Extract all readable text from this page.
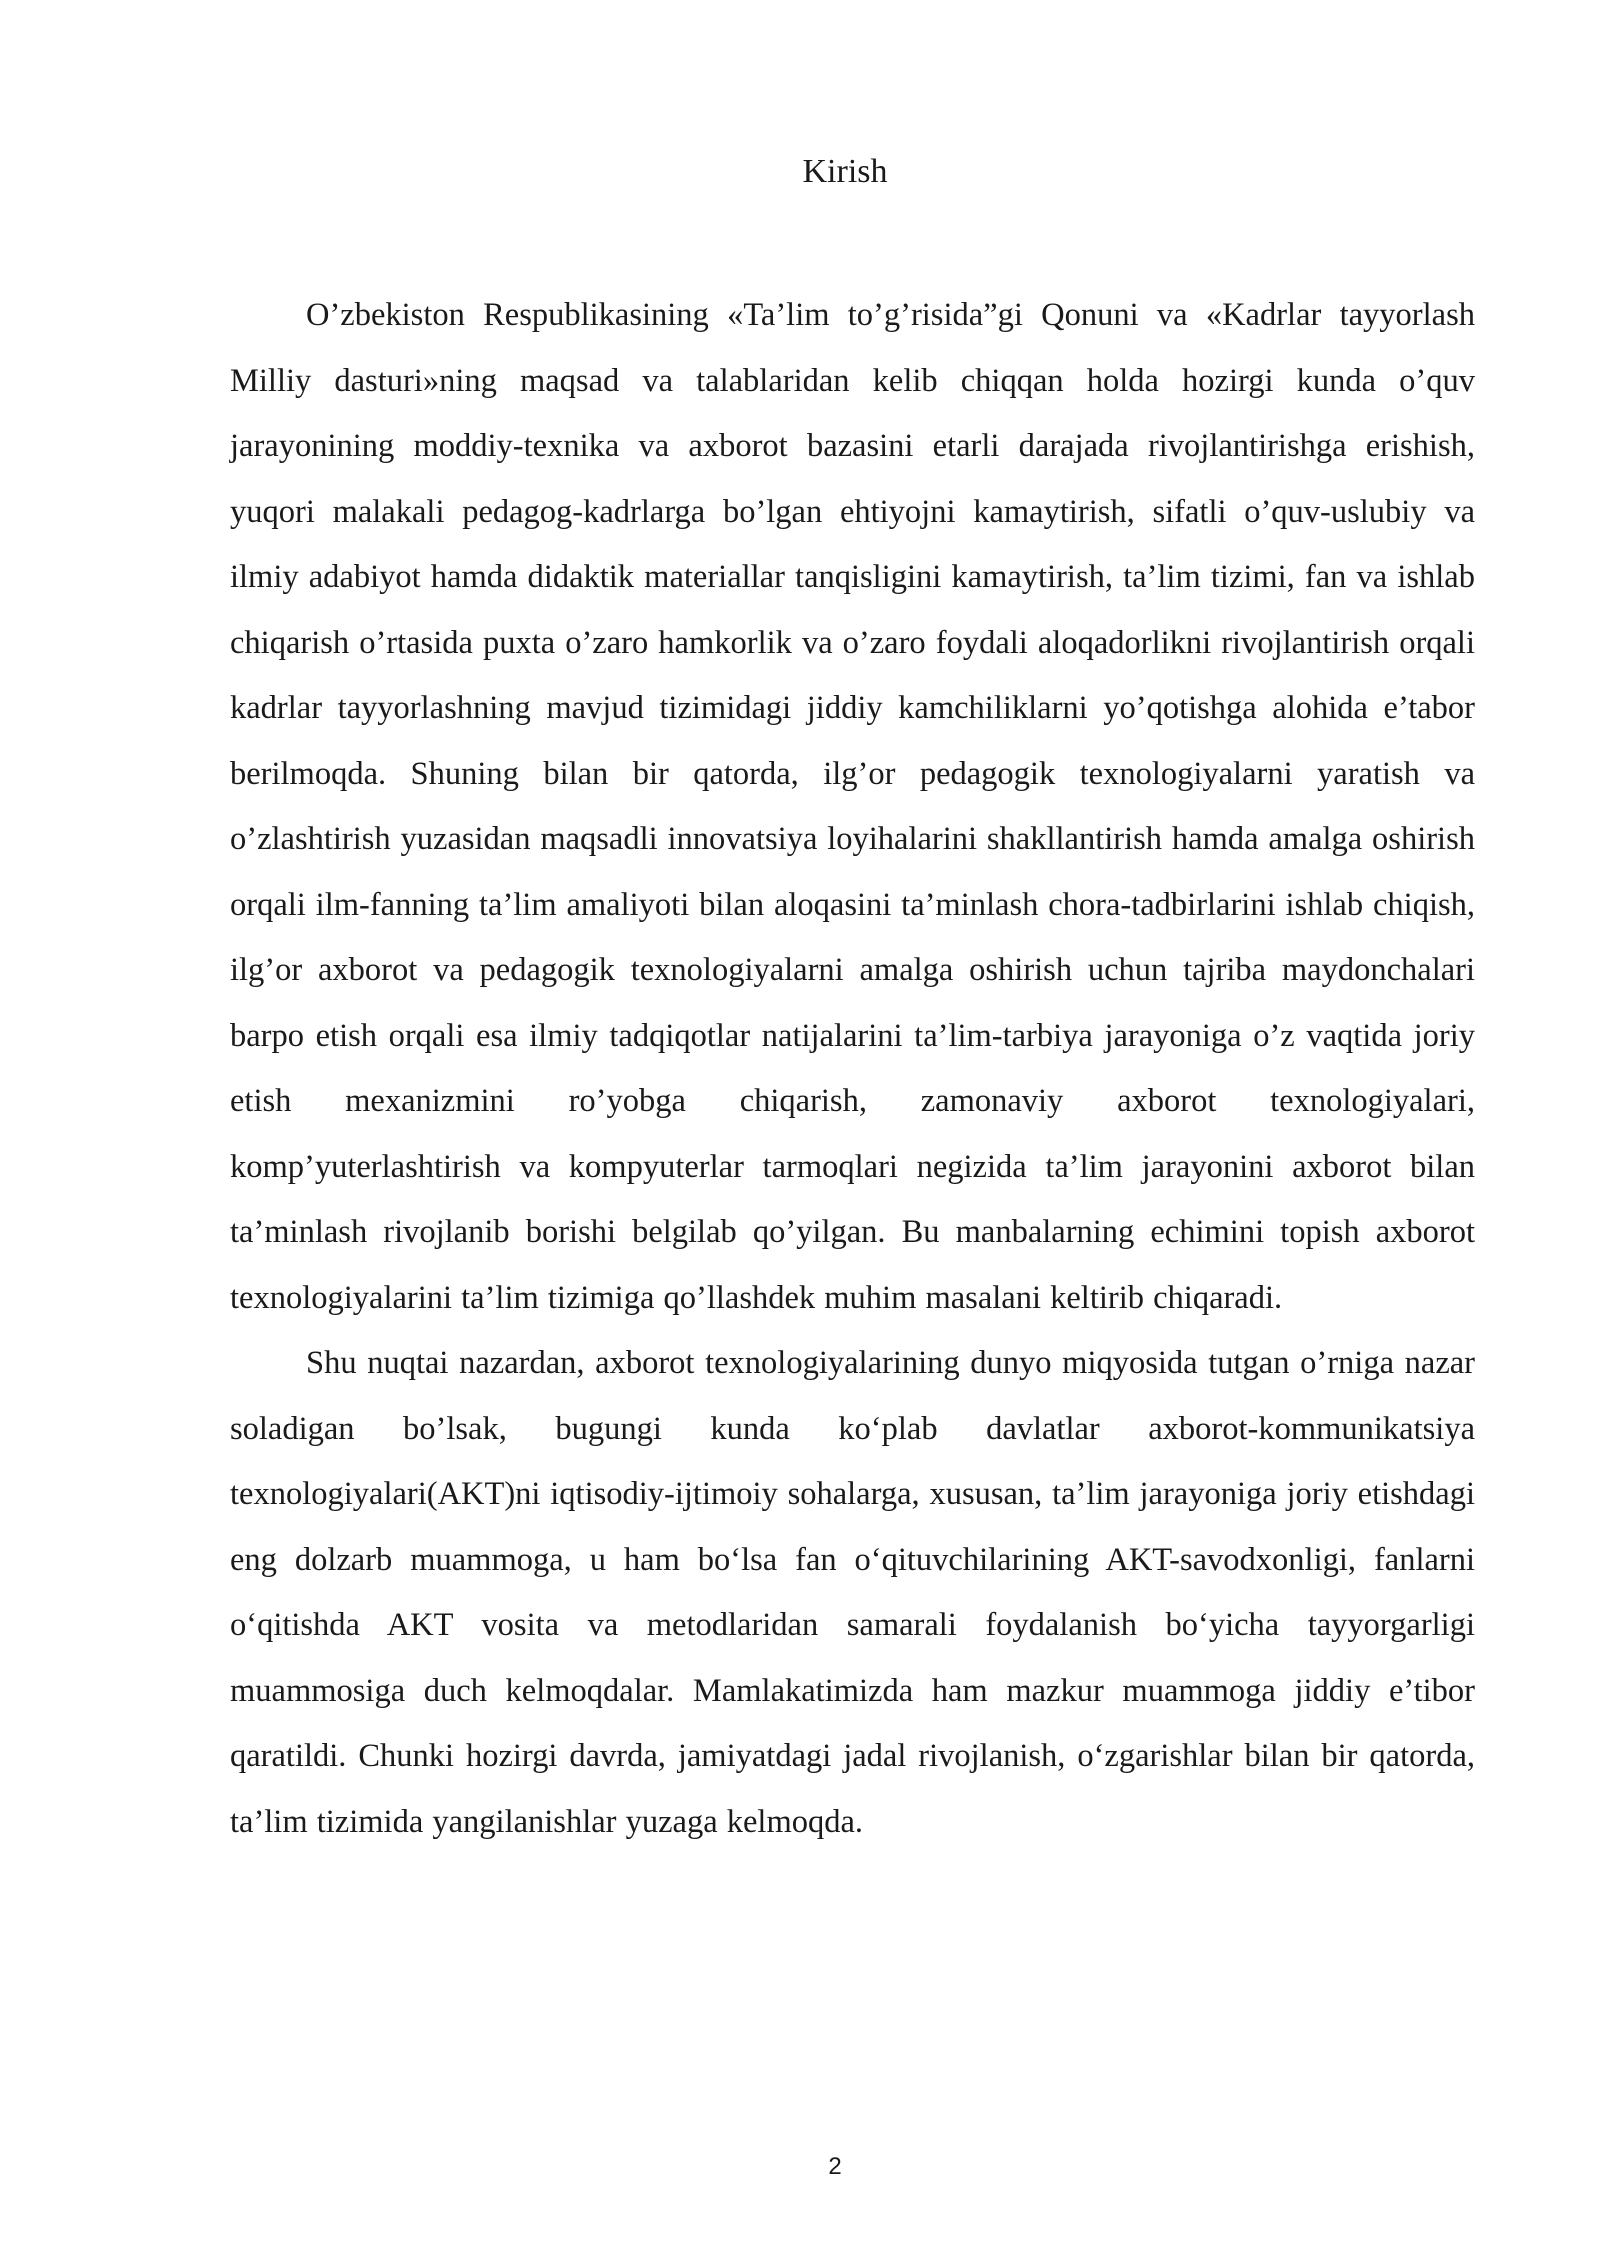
Kirish

O’zbekiston Respublikasining «Ta’lim to’g’risida”gi Qonuni va «Kadrlar tayyorlash Milliy dasturi»ning maqsad va talablaridan kelib chiqqan holda hozirgi kunda o’quv jarayonining moddiy-texnika va axborot bazasini etarli darajada rivojlantirishga erishish, yuqori malakali pedagog-kadrlarga bo’lgan ehtiyojni kamaytirish, sifatli o’quv-uslubiy va ilmiy adabiyot hamda didaktik materiallar tanqisligini kamaytirish, ta’lim tizimi, fan va ishlab chiqarish o’rtasida puxta o’zaro hamkorlik va o’zaro foydali aloqadorlikni rivojlantirish orqali kadrlar tayyorlashning mavjud tizimidagi jiddiy kamchiliklarni yo’qotishga alohida e’tabor berilmoqda. Shuning bilan bir qatorda, ilg’or pedagogik texnologiyalarni yaratish va o’zlashtirish yuzasidan maqsadli innovatsiya loyihalarini shakllantirish hamda amalga oshirish orqali ilm-fanning ta’lim amaliyoti bilan aloqasini ta’minlash chora-tadbirlarini ishlab chiqish, ilg’or axborot va pedagogik texnologiyalarni amalga oshirish uchun tajriba maydonchalari barpo etish orqali esa ilmiy tadqiqotlar natijalarini ta’lim-tarbiya jarayoniga o’z vaqtida joriy etish mexanizmini ro’yobga chiqarish, zamonaviy axborot texnologiyalari, komp’yuterlashtirish va kompyuterlar tarmoqlari negizida ta’lim jarayonini axborot bilan ta’minlash rivojlanib borishi belgilab qo’yilgan. Bu manbalarning echimini topish axborot texnologiyalarini ta’lim tizimiga qo’llashdek muhim masalani keltirib chiqaradi.

Shu nuqtai nazardan, axborot texnologiyalarining dunyo miqyosida tutgan o’rniga nazar soladigan bo’lsak, bugungi kunda ko‘plab davlatlar axborot-kommunikatsiya texnologiyalari(AKT)ni iqtisodiy-ijtimoiy sohalarga, xususan, ta’lim jarayoniga joriy etishdagi eng dolzarb muammoga, u ham bo‘lsa fan o‘qituvchilarining AKT-savodxonligi, fanlarni o‘qitishda AKT vosita va metodlaridan samarali foydalanish bo‘yicha tayyorgarligi muammosiga duch kelmoqdalar. Mamlakatimizda ham mazkur muammoga jiddiy e’tibor qaratildi. Chunki hozirgi davrda, jamiyatdagi jadal rivojlanish, o‘zgarishlar bilan bir qatorda, ta’lim tizimida yangilanishlar yuzaga kelmoqda.

2
